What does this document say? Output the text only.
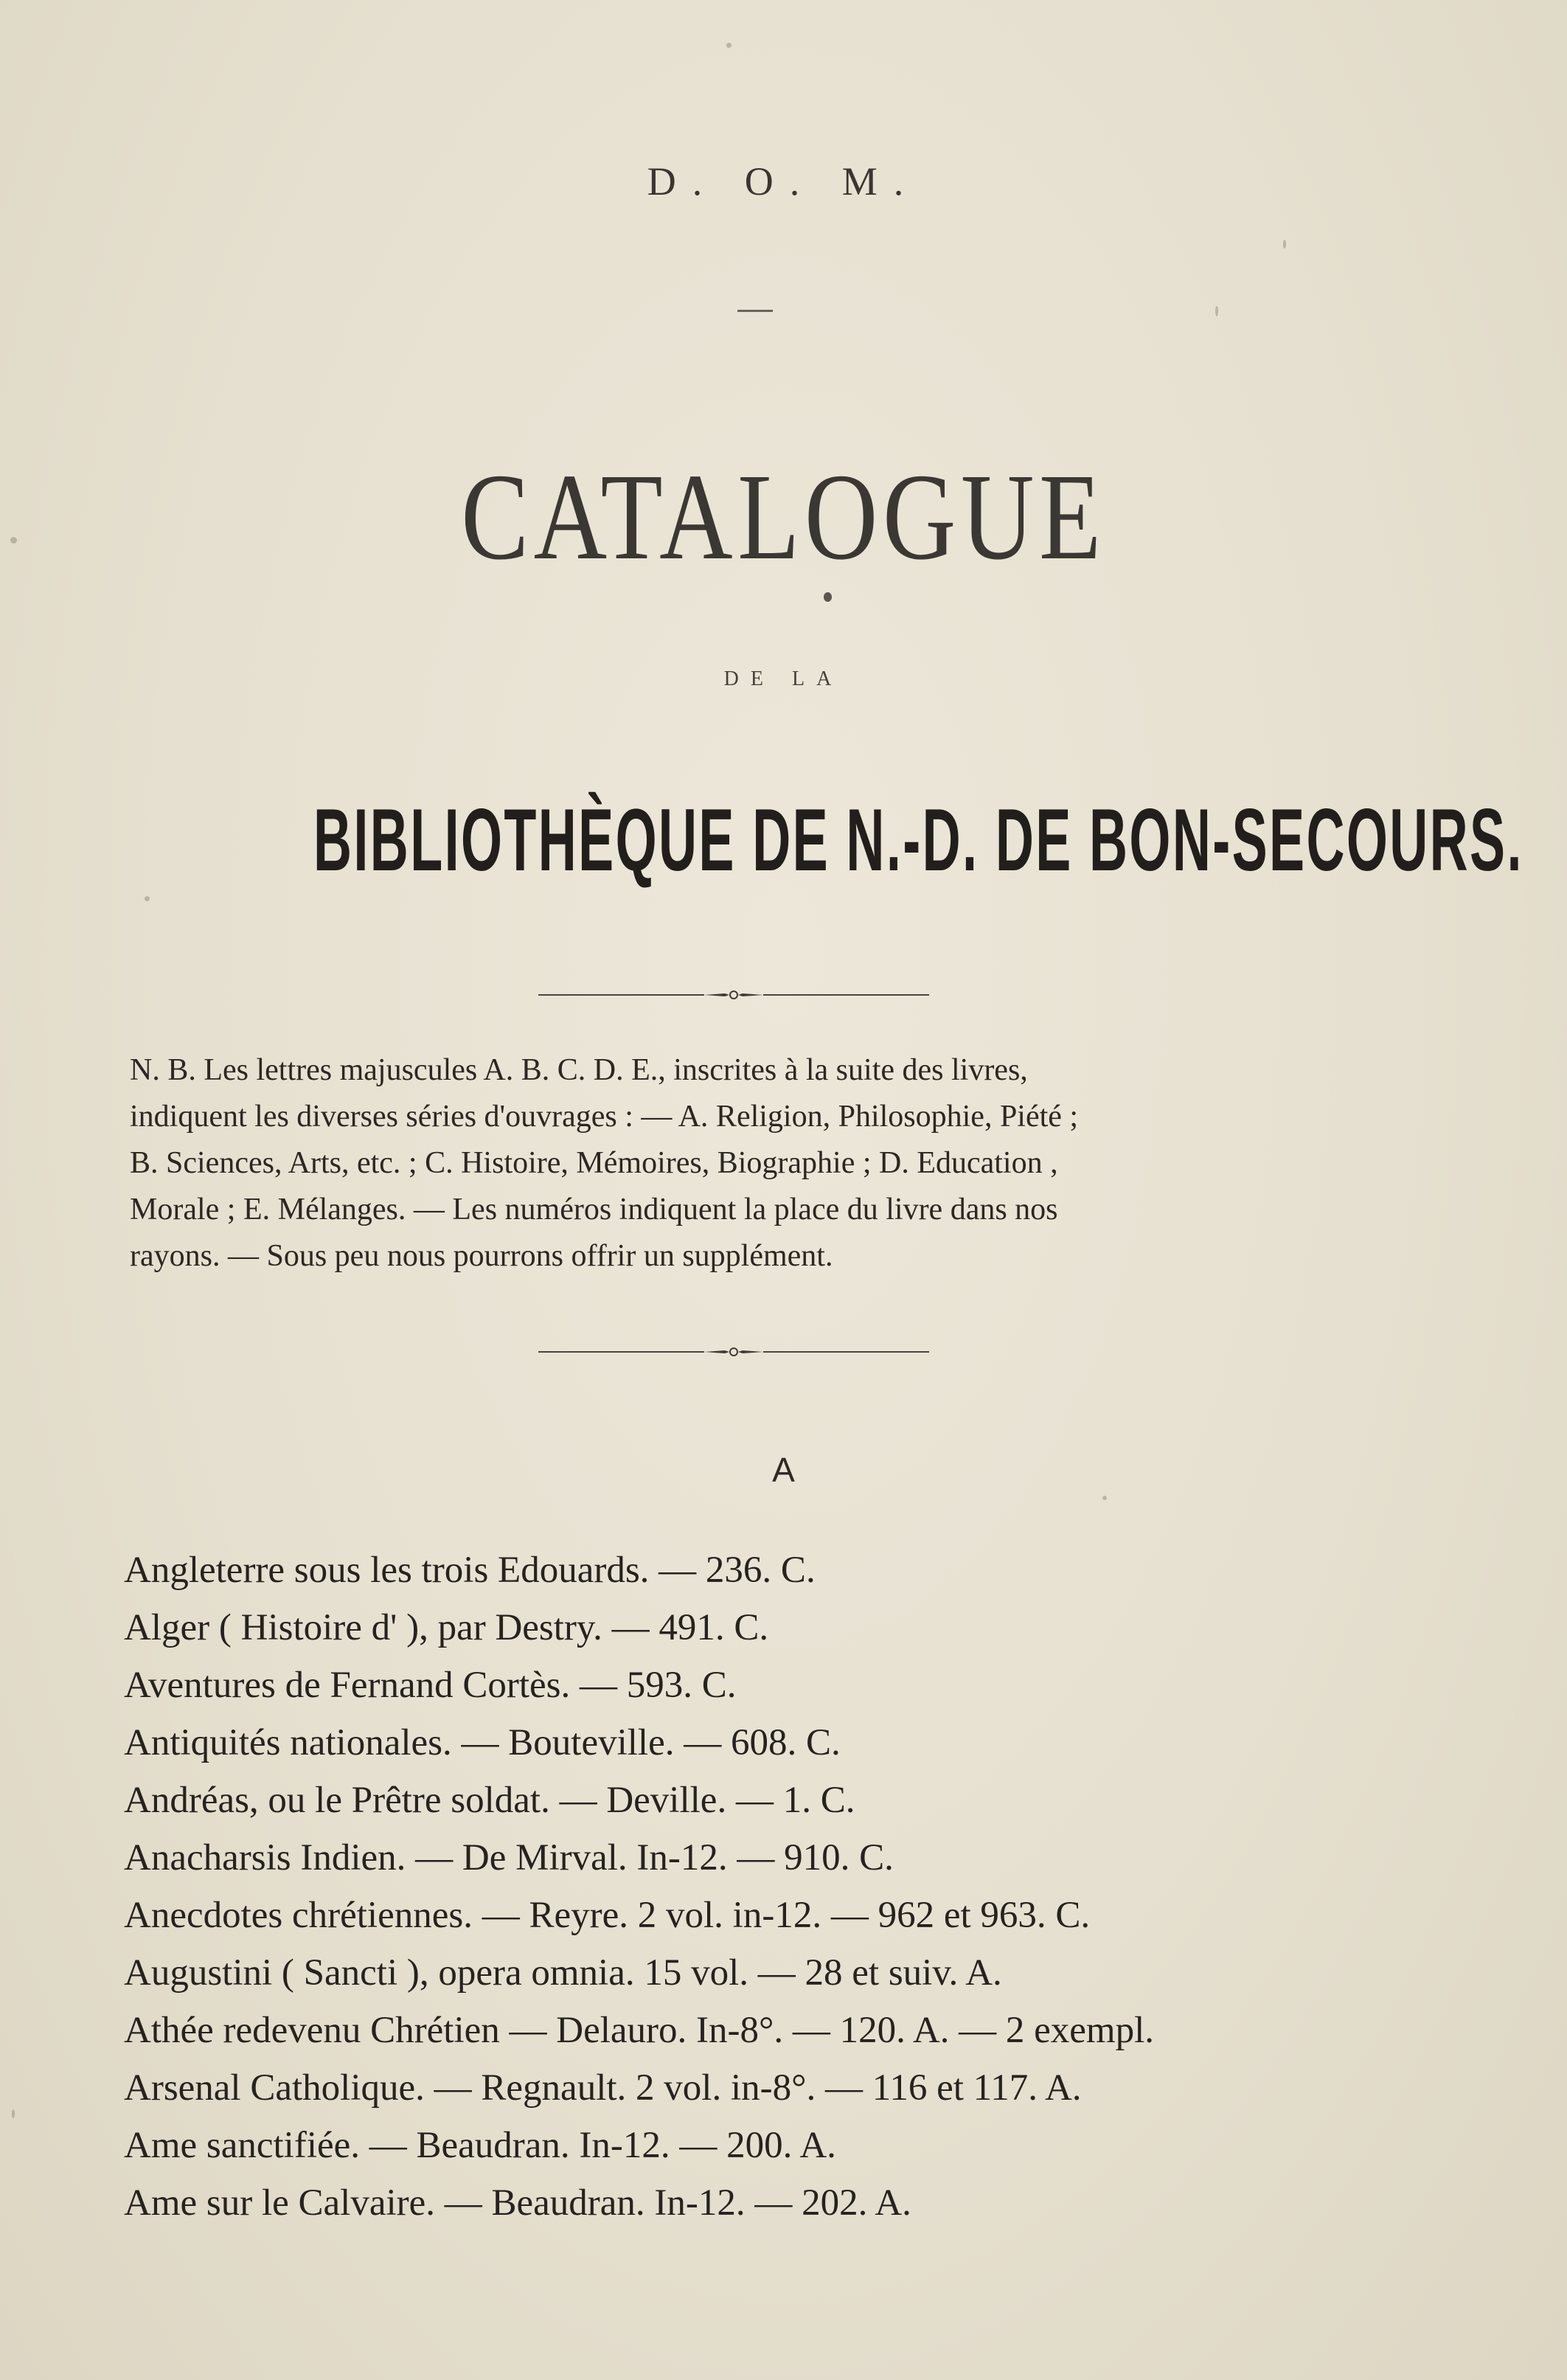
D. O. M.
CATALOGUE
DE LA
BIBLIOTHÈQUE DE N.-D. DE BON-SECOURS.
N. B. Les lettres majuscules A. B. C. D. E., inscrites à la suite des livres,
indiquent les diverses séries d'ouvrages : — A. Religion, Philosophie, Piété ;
B. Sciences, Arts, etc. ; C. Histoire, Mémoires, Biographie ; D. Education ,
Morale ; E. Mélanges. — Les numéros indiquent la place du livre dans nos
rayons. — Sous peu nous pourrons offrir un supplément.
A
Angleterre sous les trois Edouards. — 236. C.
Alger ( Histoire d' ), par Destry. — 491. C.
Aventures de Fernand Cortès. — 593. C.
Antiquités nationales. — Bouteville. — 608. C.
Andréas, ou le Prêtre soldat. — Deville. — 1. C.
Anacharsis Indien. — De Mirval. In-12. — 910. C.
Anecdotes chrétiennes. — Reyre. 2 vol. in-12. — 962 et 963. C.
Augustini ( Sancti ), opera omnia. 15 vol. — 28 et suiv. A.
Athée redevenu Chrétien — Delauro. In-8°. — 120. A. — 2 exempl.
Arsenal Catholique. — Regnault. 2 vol. in-8°. — 116 et 117. A.
Ame sanctifiée. — Beaudran. In-12. — 200. A.
Ame sur le Calvaire. — Beaudran. In-12. — 202. A.
